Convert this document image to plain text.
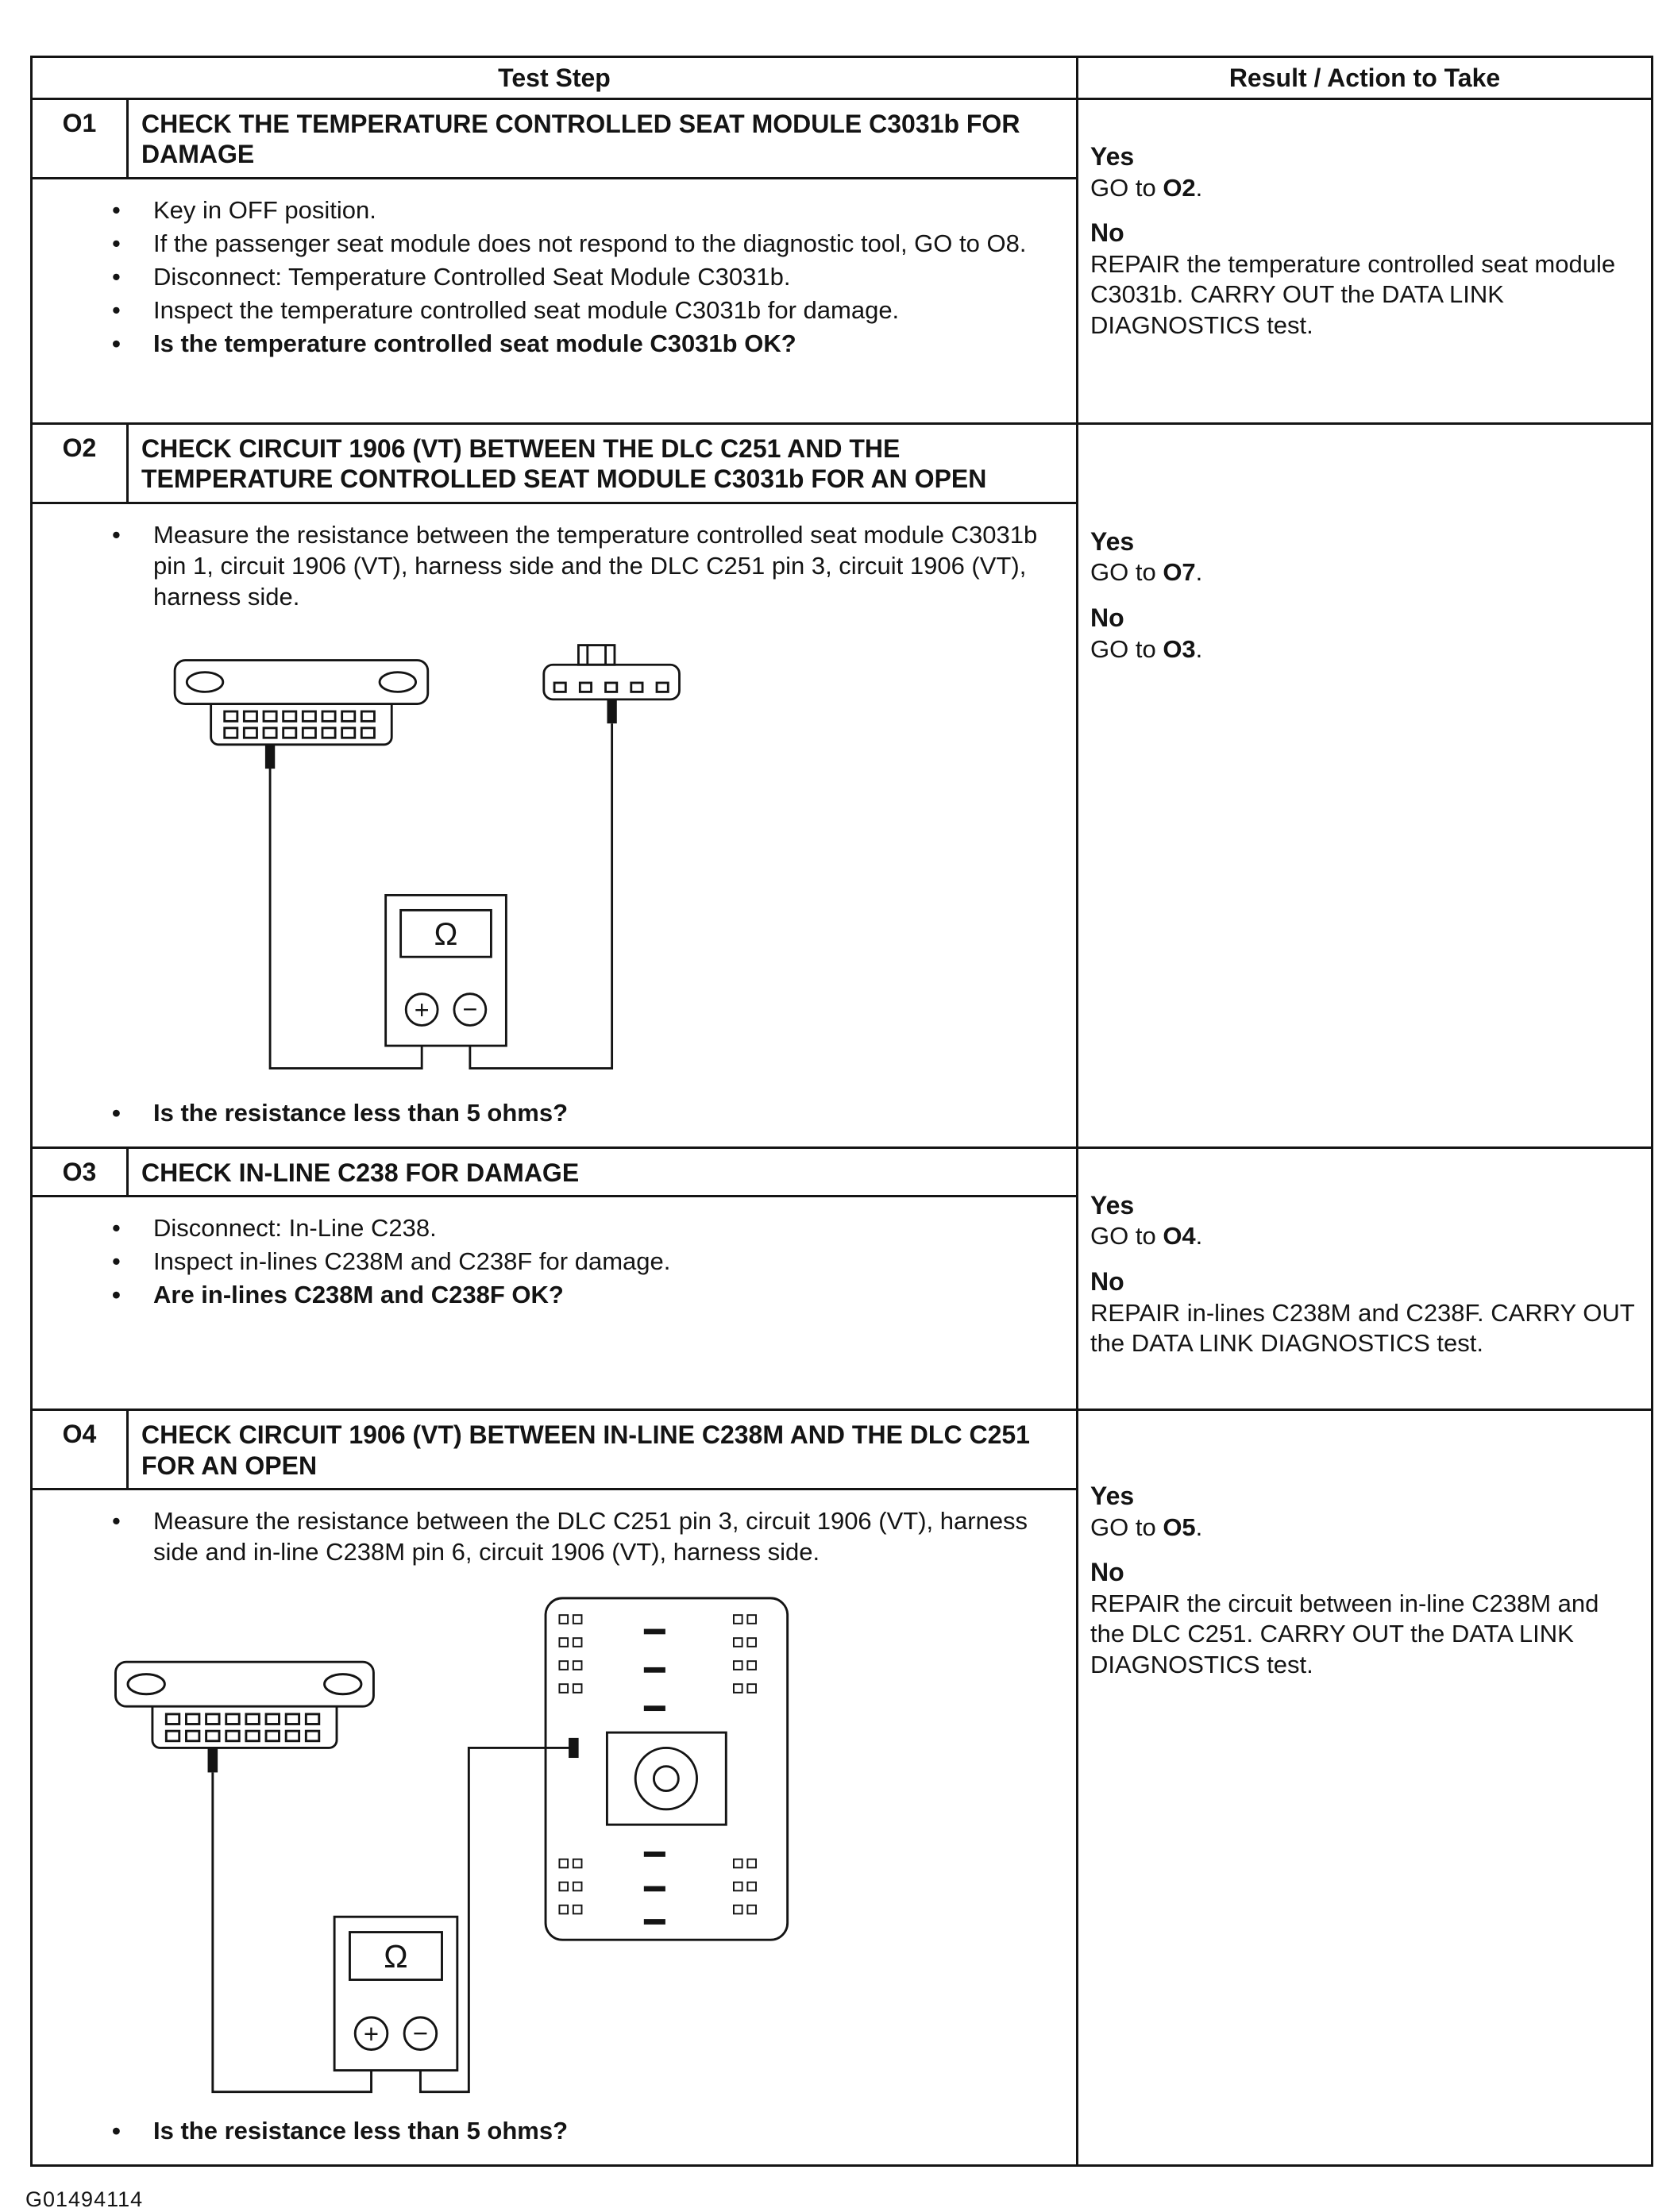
Test Step	Result / Action to Take
O1	CHECK THE TEMPERATURE CONTROLLED SEAT MODULE C3031b FOR DAMAGE
•	Key in OFF position.
•	If the passenger seat module does not respond to the diagnostic tool, GO to O8.
•	Disconnect: Temperature Controlled Seat Module C3031b.
•	Inspect the temperature controlled seat module C3031b for damage.
•	Is the temperature controlled seat module C3031b OK?
Yes
GO to O2.
No
REPAIR the temperature controlled seat module C3031b. CARRY OUT the DATA LINK DIAGNOSTICS test.
O2	CHECK CIRCUIT 1906 (VT) BETWEEN THE DLC C251 AND THE TEMPERATURE CONTROLLED SEAT MODULE C3031b FOR AN OPEN
•	Measure the resistance between the temperature controlled seat module C3031b pin 1, circuit 1906 (VT), harness side and the DLC C251 pin 3, circuit 1906 (VT), harness side.
Ω
+ −
•	Is the resistance less than 5 ohms?
Yes
GO to O7.
No
GO to O3.
O3	CHECK IN-LINE C238 FOR DAMAGE
•	Disconnect: In-Line C238.
•	Inspect in-lines C238M and C238F for damage.
•	Are in-lines C238M and C238F OK?
Yes
GO to O4.
No
REPAIR in-lines C238M and C238F. CARRY OUT the DATA LINK DIAGNOSTICS test.
O4	CHECK CIRCUIT 1906 (VT) BETWEEN IN-LINE C238M AND THE DLC C251 FOR AN OPEN
•	Measure the resistance between the DLC C251 pin 3, circuit 1906 (VT), harness side and in-line C238M pin 6, circuit 1906 (VT), harness side.
Ω
+ −
•	Is the resistance less than 5 ohms?
Yes
GO to O5.
No
REPAIR the circuit between in-line C238M and the DLC C251. CARRY OUT the DATA LINK DIAGNOSTICS test.
G01494114
